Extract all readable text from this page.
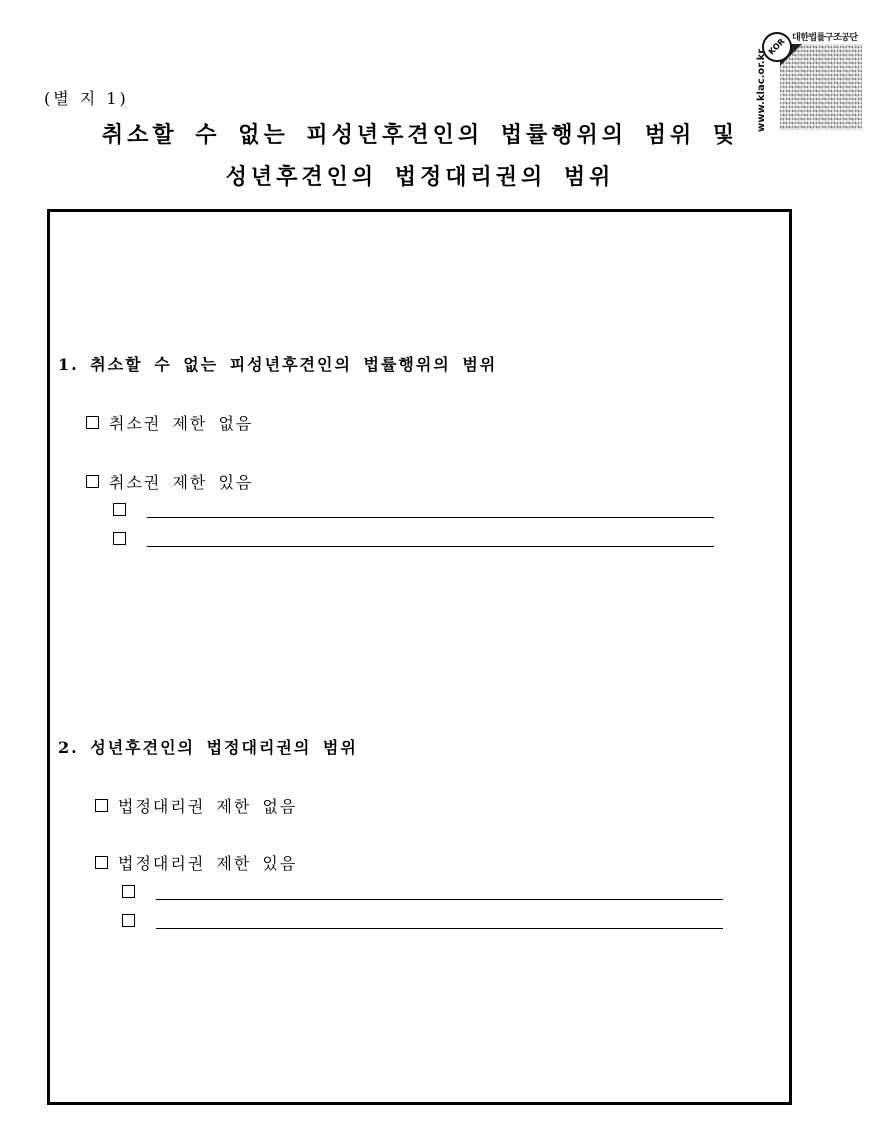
KOR 대한법률구조공단
www.klac.or.kr
(별 지 1)
취소할 수 없는 피성년후견인의 법률행위의 범위 및
성년후견인의 법정대리권의 범위
1. 취소할 수 없는 피성년후견인의 법률행위의 범위
취소권 제한 없음
취소권 제한 있음
2. 성년후견인의 법정대리권의 범위
법정대리권 제한 없음
법정대리권 제한 있음
